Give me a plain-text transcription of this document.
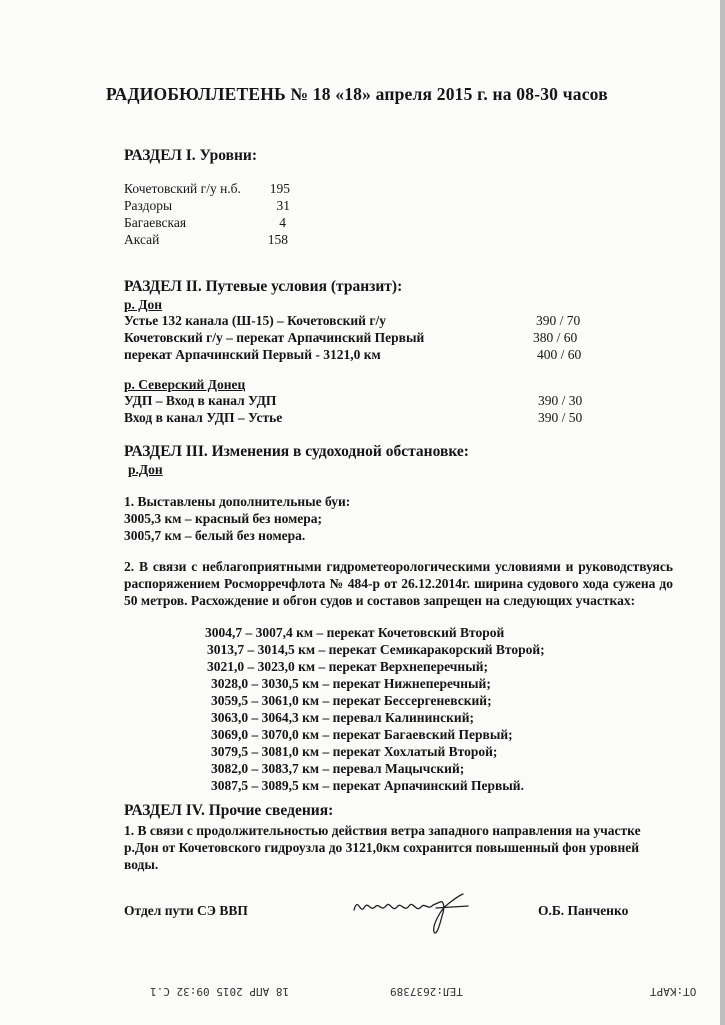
РАДИОБЮЛЛЕТЕНЬ № 18 «18» апреля 2015 г. на 08-30 часов
РАЗДЕЛ I. Уровни:
Кочетовский г/у н.б.	195
Раздоры	31
Багаевская	4
Аксай	158
РАЗДЕЛ II. Путевые условия (транзит):
р. Дон
Устье 132 канала (Ш-15) – Кочетовский г/у	390 / 70
Кочетовский г/у – перекат Арпачинский Первый	380 / 60
перекат Арпачинский Первый - 3121,0 км	400 / 60
р. Северский Донец
УДП – Вход в канал УДП	390 / 30
Вход в канал УДП – Устье	390 / 50
РАЗДЕЛ III. Изменения в судоходной обстановке:
р.Дон
1. Выставлены дополнительные буи:
3005,3 км – красный без номера;
3005,7 км – белый без номера.
2. В связи с неблагоприятными гидрометеорологическими условиями и руководствуясь распоряжением Росморречфлота № 484-р от 26.12.2014г. ширина судового хода сужена до 50 метров. Расхождение и обгон судов и составов запрещен на следующих участках:
3004,7 – 3007,4 км – перекат Кочетовский Второй
3013,7 – 3014,5 км – перекат Семикаракорский Второй;
3021,0 – 3023,0 км – перекат Верхнеперечный;
3028,0 – 3030,5 км – перекат Нижнеперечный;
3059,5 – 3061,0 км – перекат Бессергеневский;
3063,0 – 3064,3 км – перевал Калининский;
3069,0 – 3070,0 км – перекат Багаевский Первый;
3079,5 – 3081,0 км – перекат Хохлатый Второй;
3082,0 – 3083,7 км – перевал Мацычский;
3087,5 – 3089,5 км – перекат Арпачинский Первый.
РАЗДЕЛ IV. Прочие сведения:
1. В связи с продолжительностью действия ветра западного направления на участке р.Дон от Кочетовского гидроузла до 3121,0км сохранится повышенный фон уровней воды.
Отдел пути СЭ ВВП	О.Б. Панченко
18 АПР 2015 09:32 С.1	ТЕЛ:2637389	ОТ:КАРТ
